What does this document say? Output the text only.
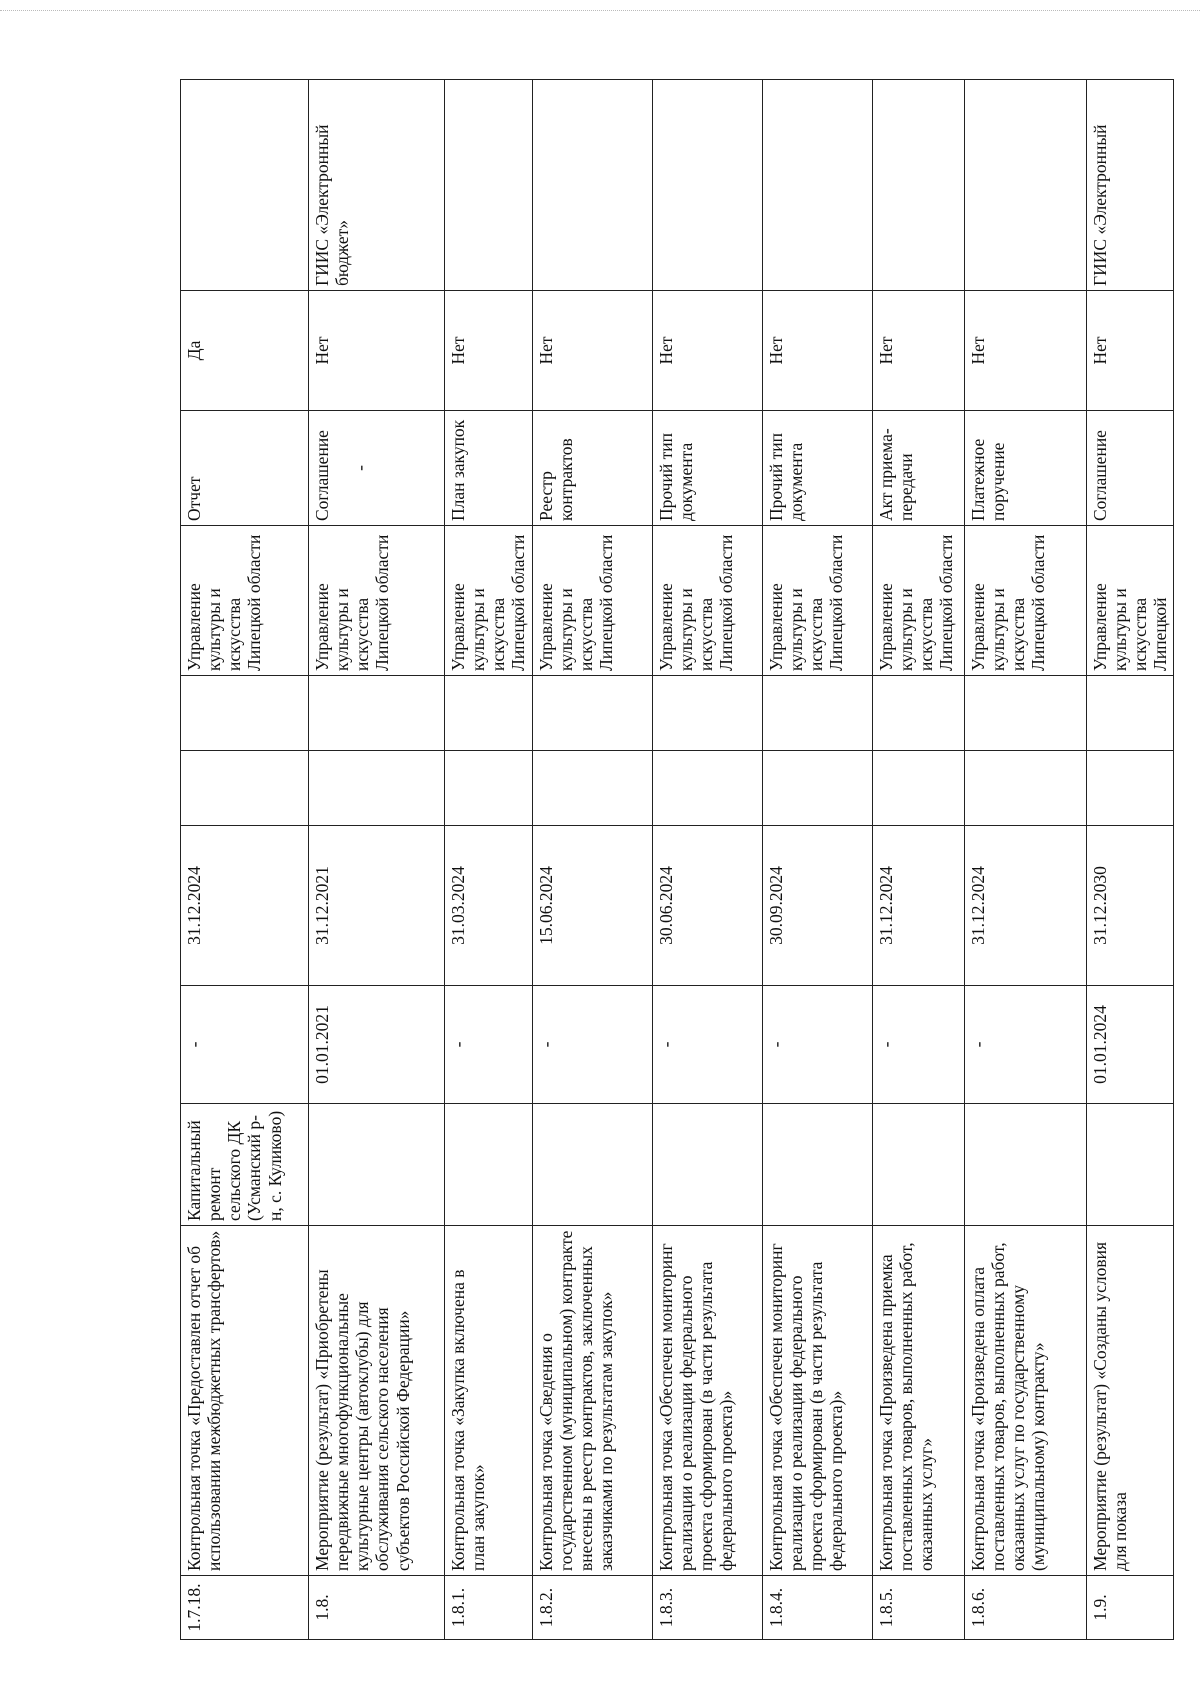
1.7.18.	Контрольная точка «Предоставлен отчет об использовании межбюджетных трансфертов»	Капитальный ремонт сельского ДК (Усманский р-н, с. Куликово)	-	31.12.2024			Управление культуры и искусства Липецкой области	Отчет	Да	
1.8.	Мероприятие (результат) «Приобретены передвижные многофункциональные культурные центры (автоклубы) для обслуживания сельского населения субъектов Российской Федерации»		01.01.2021	31.12.2021			Управление культуры и искусства Липецкой области	Соглашение -	Нет	ГИИС «Электронный бюджет»
1.8.1.	Контрольная точка «Закупка включена в план закупок»		-	31.03.2024			Управление культуры и искусства Липецкой области	План закупок	Нет	
1.8.2.	Контрольная точка «Сведения о государственном (муниципальном) контракте внесены в реестр контрактов, заключенных заказчиками по результатам закупок»		-	15.06.2024			Управление культуры и искусства Липецкой области	Реестр контрактов	Нет	
1.8.3.	Контрольная точка «Обеспечен мониторинг реализации о реализации федерального проекта сформирован (в части результата федерального проекта)»		-	30.06.2024			Управление культуры и искусства Липецкой области	Прочий тип документа	Нет	
1.8.4.	Контрольная точка «Обеспечен мониторинг реализации о реализации федерального проекта сформирован (в части результата федерального проекта)»		-	30.09.2024			Управление культуры и искусства Липецкой области	Прочий тип документа	Нет	
1.8.5.	Контрольная точка «Произведена приемка поставленных товаров, выполненных работ, оказанных услуг»		-	31.12.2024			Управление культуры и искусства Липецкой области	Акт приема-передачи	Нет	
1.8.6.	Контрольная точка «Произведена оплата поставленных товаров, выполненных работ, оказанных услуг по государственному (муниципальному) контракту»		-	31.12.2024			Управление культуры и искусства Липецкой области	Платежное поручение	Нет	
1.9.	Мероприятие (результат) «Созданы условия для показа		01.01.2024	31.12.2030			Управление культуры и искусства Липецкой	Соглашение	Нет	ГИИС «Электронный
